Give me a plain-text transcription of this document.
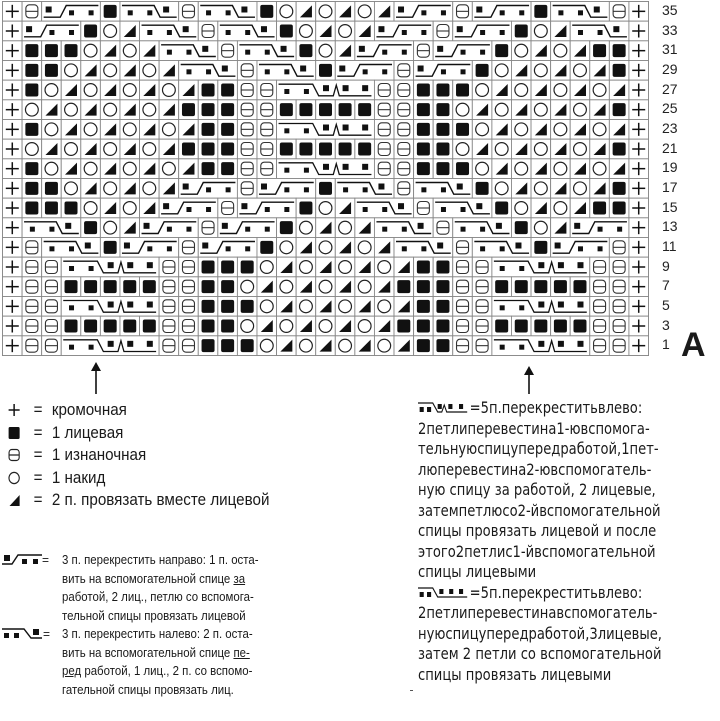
35
33
31
29
27
25
23
21
19
17
15
13
11
9
7
5
3
1 A
= кромочная
= 1 лицевая
= 1 изнаночная
= 1 накид
= 2 п. провязать вместе лицевой
= 3 п. перекрестить направо: 1 п. оста-
вить на вспомогательной спице за
работой, 2 лиц., петлю со вспомога-
тельной спицы провязать лицевой
= 3 п. перекрестить налево: 2 п. оста-
вить на вспомогательной спице пе-
ред работой, 1 лиц., 2 п. со вспомо-
гательной спицы провязать лиц.
= 5п.перекреститьвлево:
2петлиперевестина1-ювспомога-
тельнуюспицупередработой,1пет-
люперевестина2-ювспомогатель-
ную спицу за работой, 2 лицевые,
затемпетлюсо2-йвспомогательной
спицы провязать лицевой и после
этого2петлис1-йвспомогательной
спицы лицевыми
= 5п.перекреститьвлево:
2петлиперевестинавспомогатель-
нуюспицупередработой,3лицевые,
затем 2 петли со вспомогательной
спицы провязать лицевыми
